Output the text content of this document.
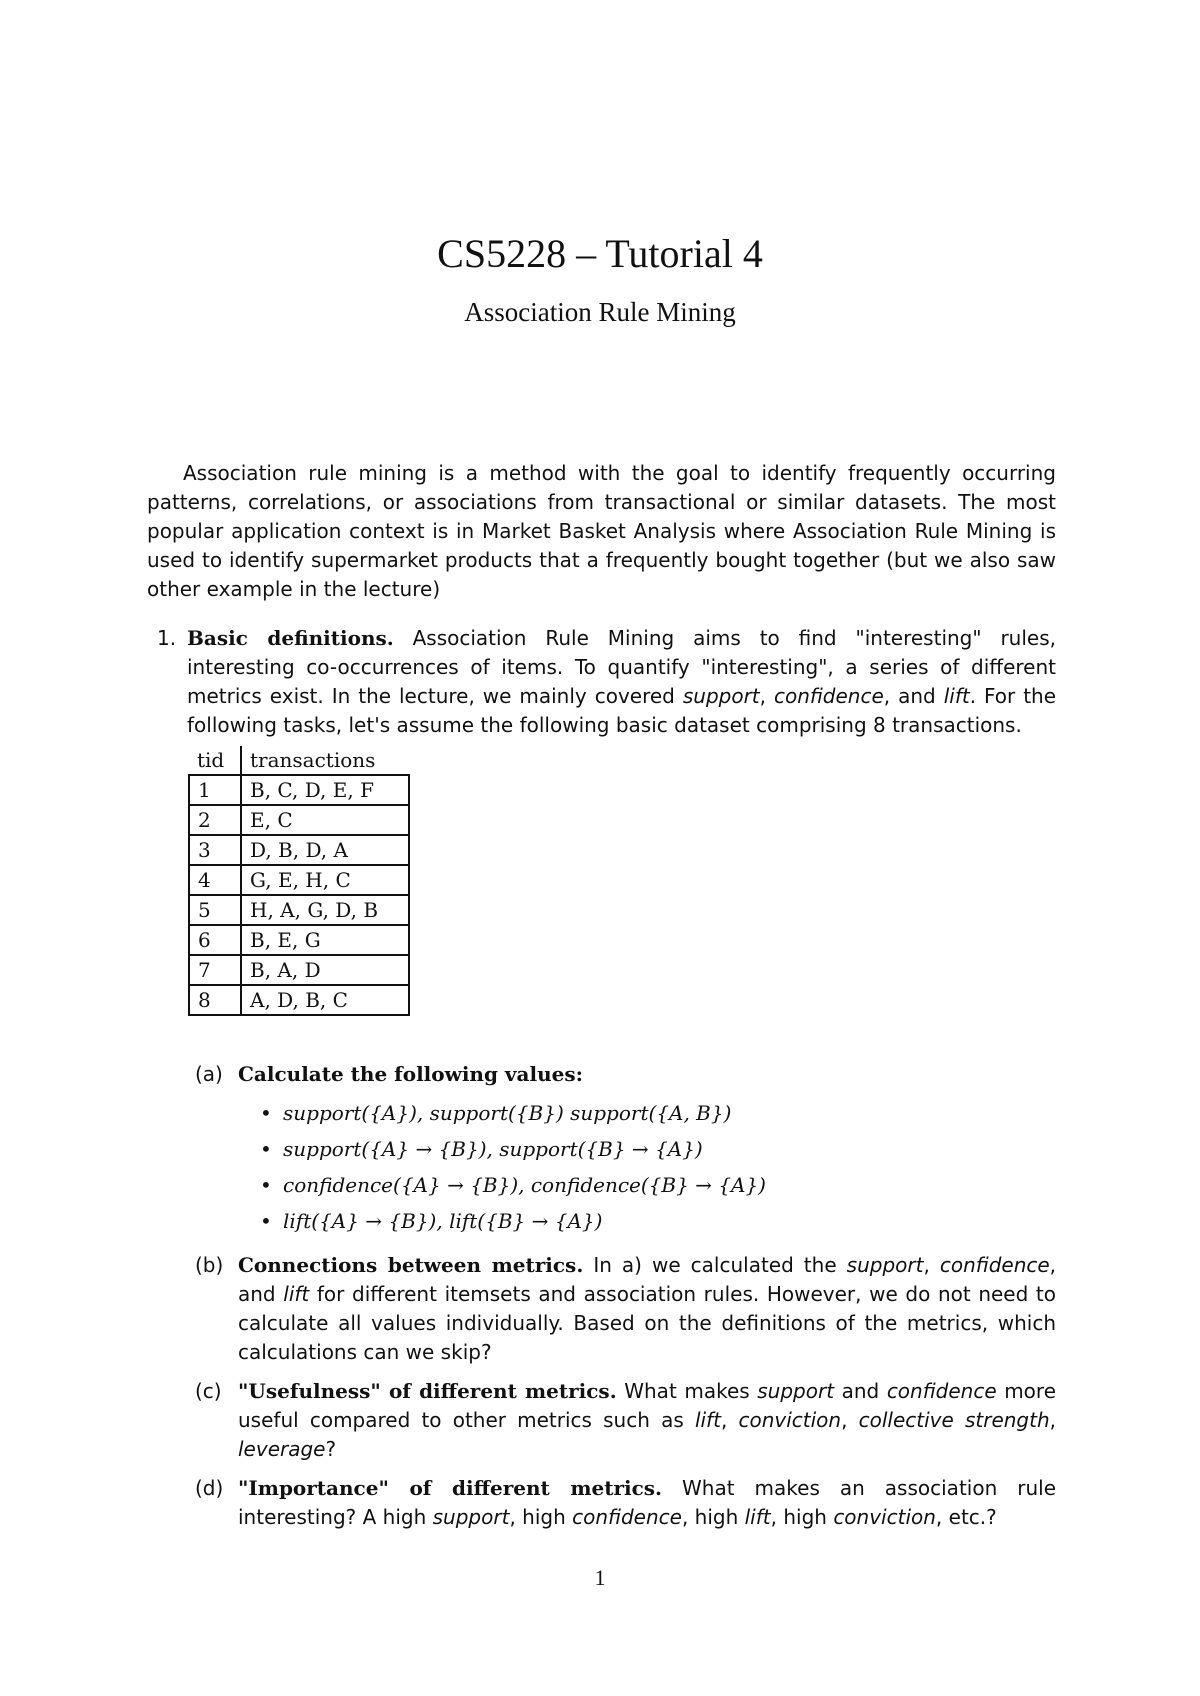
CS5228 – Tutorial 4
Association Rule Mining

Association rule mining is a method with the goal to identify frequently occurring patterns, correlations, or associations from transactional or similar datasets. The most popular application context is in Market Basket Analysis where Association Rule Mining is used to identify supermarket products that a frequently bought together (but we also saw other example in the lecture)

1. Basic definitions. Association Rule Mining aims to find "interesting" rules, interesting co-occurrences of items. To quantify "interesting", a series of different metrics exist. In the lecture, we mainly covered support, confidence, and lift. For the following tasks, let's assume the following basic dataset comprising 8 transactions.
tid	transactions
1	B, C, D, E, F
2	E, C
3	D, B, D, A
4	G, E, H, C
5	H, A, G, D, B
6	B, E, G
7	B, A, D
8	A, D, B, C
(a) Calculate the following values:
• support({A}), support({B}) support({A, B})
• support({A} → {B}), support({B} → {A})
• confidence({A} → {B}), confidence({B} → {A})
• lift({A} → {B}), lift({B} → {A})
(b) Connections between metrics. In a) we calculated the support, confidence, and lift for different itemsets and association rules. However, we do not need to calculate all values individually. Based on the definitions of the metrics, which calculations can we skip?
(c) "Usefulness" of different metrics. What makes support and confidence more useful compared to other metrics such as lift, conviction, collective strength, leverage?
(d) "Importance" of different metrics. What makes an association rule interesting? A high support, high confidence, high lift, high conviction, etc.?
1
